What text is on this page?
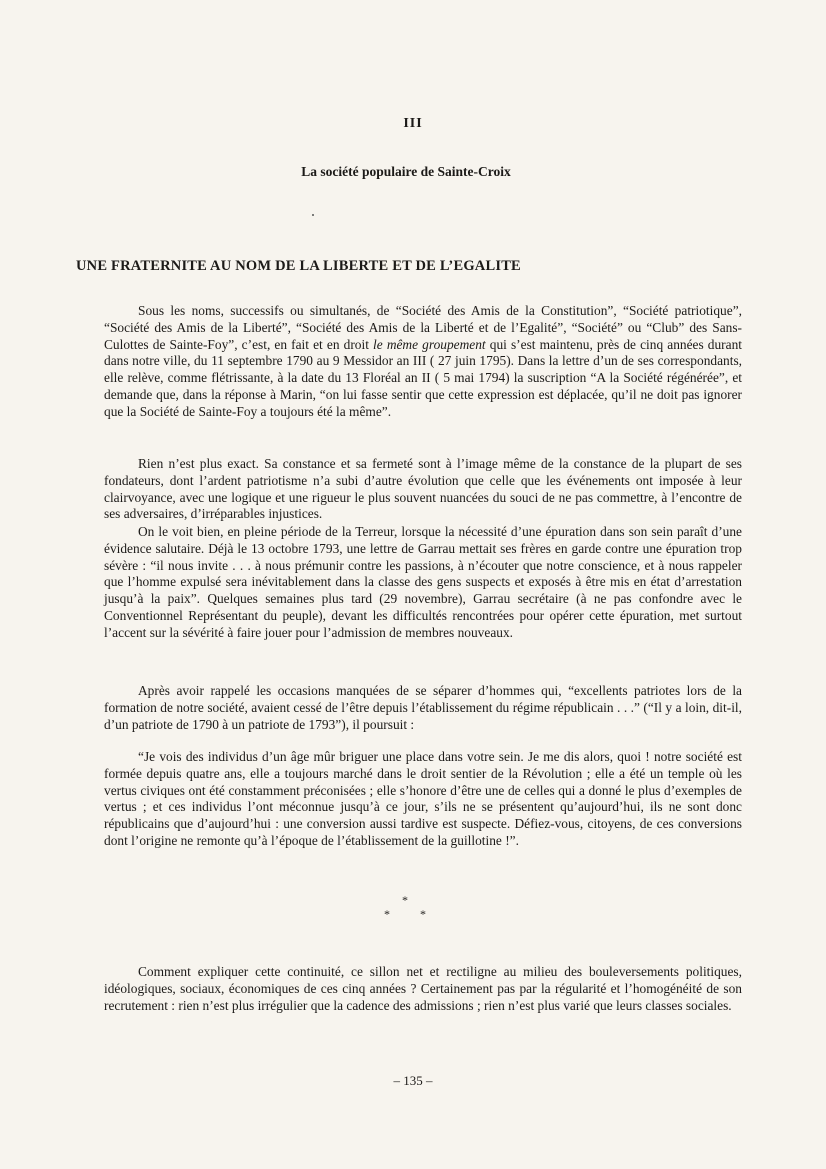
III
La société populaire de Sainte-Croix
UNE FRATERNITE AU NOM DE LA LIBERTE ET DE L’EGALITE

Sous les noms, successifs ou simultanés, de “Société des Amis de la Constitution”, “Société patriotique”, “Société des Amis de la Liberté”, “Société des Amis de la Liberté et de l’Egalité”, “Société” ou “Club” des Sans-Culottes de Sainte-Foy”, c’est, en fait et en droit le même groupement qui s’est maintenu, près de cinq années durant dans notre ville, du 11 septembre 1790 au 9 Messidor an III ( 27 juin 1795). Dans la lettre d’un de ses correspondants, elle relève, comme flétrissante, à la date du 13 Floréal an II ( 5 mai 1794) la suscription “A la Société régénérée”, et demande que, dans la réponse à Marin, “on lui fasse sentir que cette expression est déplacée, qu’il ne doit pas ignorer que la Société de Sainte-Foy a toujours été la même”.

Rien n’est plus exact. Sa constance et sa fermeté sont à l’image même de la constance de la plupart de ses fondateurs, dont l’ardent patriotisme n’a subi d’autre évolution que celle que les événements ont imposée à leur clairvoyance, avec une logique et une rigueur le plus souvent nuancées du souci de ne pas commettre, à l’encontre de ses adversaires, d’irréparables injustices.

On le voit bien, en pleine période de la Terreur, lorsque la nécessité d’une épuration dans son sein paraît d’une évidence salutaire. Déjà le 13 octobre 1793, une lettre de Garrau mettait ses frères en garde contre une épuration trop sévère : “il nous invite . . . à nous prémunir contre les passions, à n’écouter que notre conscience, et à nous rappeler que l’homme expulsé sera inévitablement dans la classe des gens suspects et exposés à être mis en état d’arrestation jusqu’à la paix”. Quelques semaines plus tard (29 novembre), Garrau secrétaire (à ne pas confondre avec le Conventionnel Représentant du peuple), devant les difficultés rencontrées pour opérer cette épuration, met surtout l’accent sur la sévérité à faire jouer pour l’admission de membres nouveaux.

Après avoir rappelé les occasions manquées de se séparer d’hommes qui, “excellents patriotes lors de la formation de notre société, avaient cessé de l’être depuis l’établissement du régime républicain . . .” (“Il y a loin, dit-il, d’un patriote de 1790 à un patriote de 1793”), il poursuit :

“Je vois des individus d’un âge mûr briguer une place dans votre sein. Je me dis alors, quoi ! notre société est formée depuis quatre ans, elle a toujours marché dans le droit sentier de la Révolution ; elle a été un temple où les vertus civiques ont été constamment préconisées ; elle s’honore d’être une de celles qui a donné le plus d’exemples de vertus ; et ces individus l’ont méconnue jusqu’à ce jour, s’ils ne se présentent qu’aujourd’hui, ils ne sont donc républicains que d’aujourd’hui : une conversion aussi tardive est suspecte. Défiez-vous, citoyens, de ces conversions dont l’origine ne remonte qu’à l’époque de l’établissement de la guillotine !”.

*
*	*

Comment expliquer cette continuité, ce sillon net et rectiligne au milieu des bouleversements politiques, idéologiques, sociaux, économiques de ces cinq années ? Certainement pas par la régularité et l’homogénéité de son recrutement : rien n’est plus irrégulier que la cadence des admissions ; rien n’est plus varié que leurs classes sociales.

– 135 –
